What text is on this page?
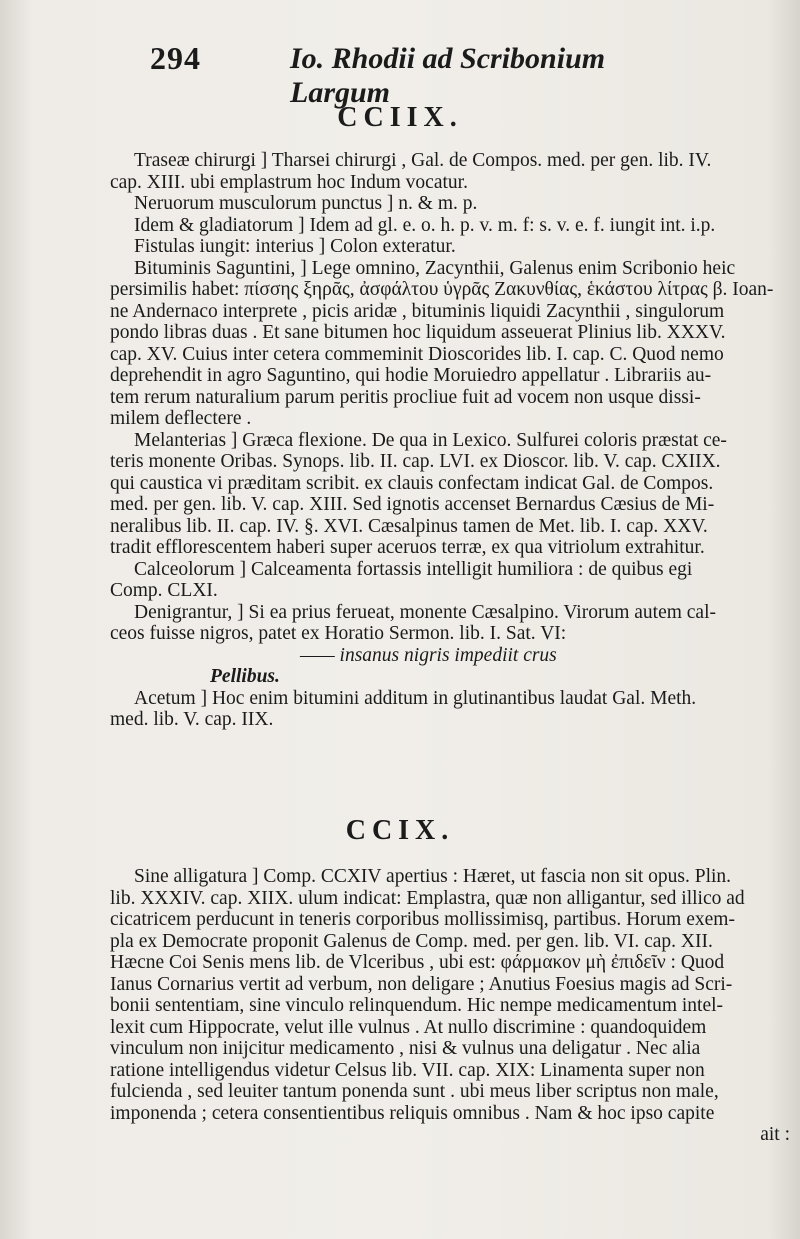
294	Io. Rhodii ad Scribonium Largum
CCIIX.

Traseæ chirurgi ] Tharsei chirurgi , Gal. de Compos. med. per gen. lib. IV.

cap. XIII. ubi emplastrum hoc Indum vocatur.

Neruorum musculorum punctus ] n. & m. p.

Idem & gladiatorum ] Idem ad gl. e. o. h. p. v. m. f: s. v. e. f. iungit int. i.p.

Fistulas iungit: interius ] Colon exteratur.

Bituminis Saguntini, ] Lege omnino, Zacynthii, Galenus enim Scribonio heic

persimilis habet: πίσσης ξηρᾶς, ἀσφάλτου ὑγρᾶς Ζακυνθίας, ἑκάστου λίτρας β. Ioan-

ne Andernaco interprete , picis aridæ , bituminis liquidi Zacynthii , singulorum

pondo libras duas . Et sane bitumen hoc liquidum asseuerat Plinius lib. XXXV.

cap. XV. Cuius inter cetera commeminit Dioscorides lib. I. cap. C. Quod nemo

deprehendit in agro Saguntino, qui hodie Moruiedro appellatur . Librariis au-

tem rerum naturalium parum peritis procliue fuit ad vocem non usque dissi-

milem deflectere .

Melanterias ] Græca flexione. De qua in Lexico. Sulfurei coloris præstat ce-

teris monente Oribas. Synops. lib. II. cap. LVI. ex Dioscor. lib. V. cap. CXIIX.

qui caustica vi præditam scribit. ex clauis confectam indicat Gal. de Compos.

med. per gen. lib. V. cap. XIII. Sed ignotis accenset Bernardus Cæsius de Mi-

neralibus lib. II. cap. IV. §. XVI. Cæsalpinus tamen de Met. lib. I. cap. XXV.

tradit efflorescentem haberi super aceruos terræ, ex qua vitriolum extrahitur.

Calceolorum ] Calceamenta fortassis intelligit humiliora : de quibus egi

Comp. CLXI.

Denigrantur, ] Si ea prius ferueat, monente Cæsalpino. Virorum autem cal-

ceos fuisse nigros, patet ex Horatio Sermon. lib. I. Sat. VI:

—— insanus nigris impediit crus

Pellibus.

Acetum ] Hoc enim bitumini additum in glutinantibus laudat Gal. Meth.

med. lib. V. cap. IIX.

CCIX.

Sine alligatura ] Comp. CCXIV apertius : Hæret, ut fascia non sit opus. Plin.

lib. XXXIV. cap. XIIX. ulum indicat: Emplastra, quæ non alligantur, sed illico ad

cicatricem perducunt in teneris corporibus mollissimisq, partibus. Horum exem-

pla ex Democrate proponit Galenus de Comp. med. per gen. lib. VI. cap. XII.

Hæcne Coi Senis mens lib. de Vlceribus , ubi est: φάρμακον μὴ ἐπιδεῖν : Quod

Ianus Cornarius vertit ad verbum, non deligare ; Anutius Foesius magis ad Scri-

bonii sententiam, sine vinculo relinquendum. Hic nempe medicamentum intel-

lexit cum Hippocrate, velut ille vulnus . At nullo discrimine : quandoquidem

vinculum non inijcitur medicamento , nisi & vulnus una deligatur . Nec alia

ratione intelligendus videtur Celsus lib. VII. cap. XIX: Linamenta super non

fulcienda , sed leuiter tantum ponenda sunt . ubi meus liber scriptus non male,

imponenda ; cetera consentientibus reliquis omnibus . Nam & hoc ipso capite

ait :
